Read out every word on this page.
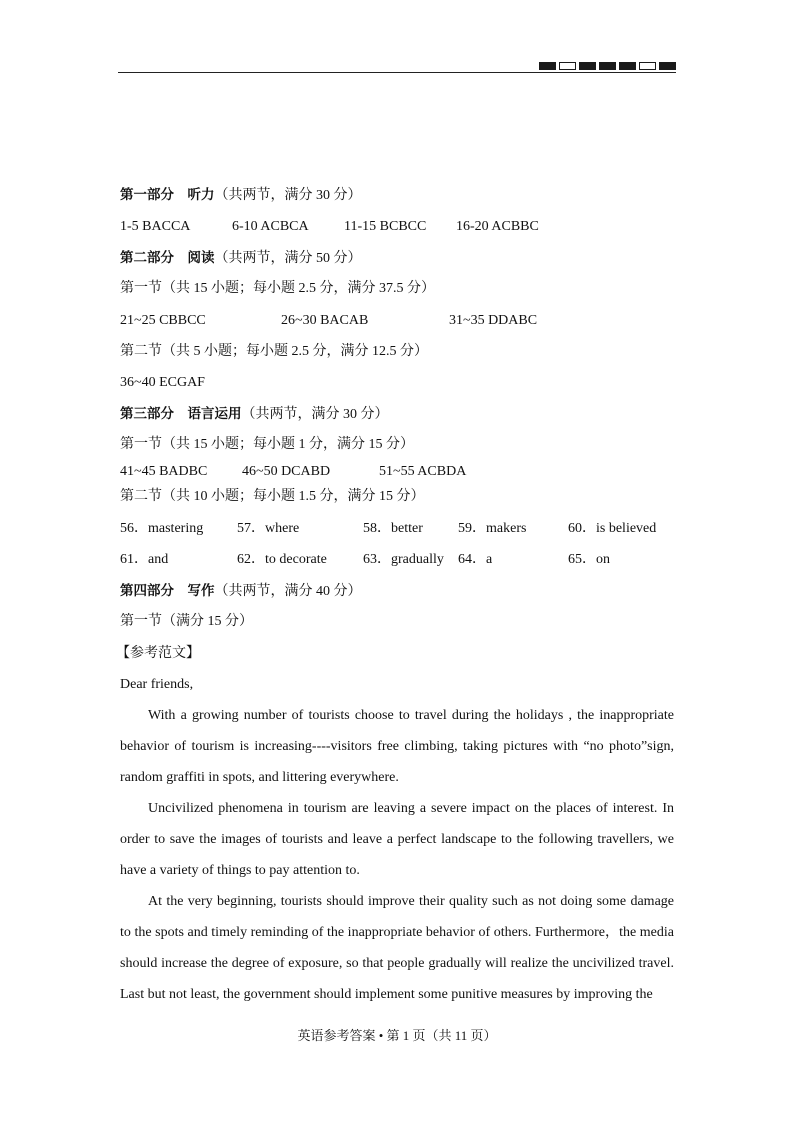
第一部分　听力（共两节，满分 30 分）
1-5 BACCA	6-10 ACBCA	11-15 BCBCC 16-20 ACBBC
第二部分　阅读（共两节，满分 50 分）
第一节（共 15 小题；每小题 2.5 分，满分 37.5 分）
21~25 CBBCC	26~30 BACAB	31~35 DDABC
第二节（共 5 小题；每小题 2.5 分，满分 12.5 分）
36~40 ECGAF
第三部分　语言运用（共两节，满分 30 分）
第一节（共 15 小题；每小题 1 分，满分 15 分）
41~45 BADBC 46~50 DCABD	51~55 ACBDA
第二节（共 10 小题；每小题 1.5 分，满分 15 分）
56．mastering 57．where	58．better	59．makers	60．is believed
61．and	62．to decorate	63．gradually 64．a	65．on
第四部分　写作（共两节，满分 40 分）
第一节（满分 15 分）
【参考范文】
Dear friends,

With a growing number of tourists choose to travel during the holidays , the inappropriate behavior of tourism is increasing----visitors free climbing, taking pictures with “no photo”sign, random graffiti in spots, and littering everywhere.

Uncivilized phenomena in tourism are leaving a severe impact on the places of interest. In order to save the images of tourists and leave a perfect landscape to the following travellers, we have a variety of things to pay attention to.

At the very beginning, tourists should improve their quality such as not doing some damage to the spots and timely reminding of the inappropriate behavior of others. Furthermore，the media should increase the degree of exposure, so that people gradually will realize the uncivilized travel. Last but not least, the government should implement some punitive measures by improving the

英语参考答案 • 第 1 页（共 11 页）
